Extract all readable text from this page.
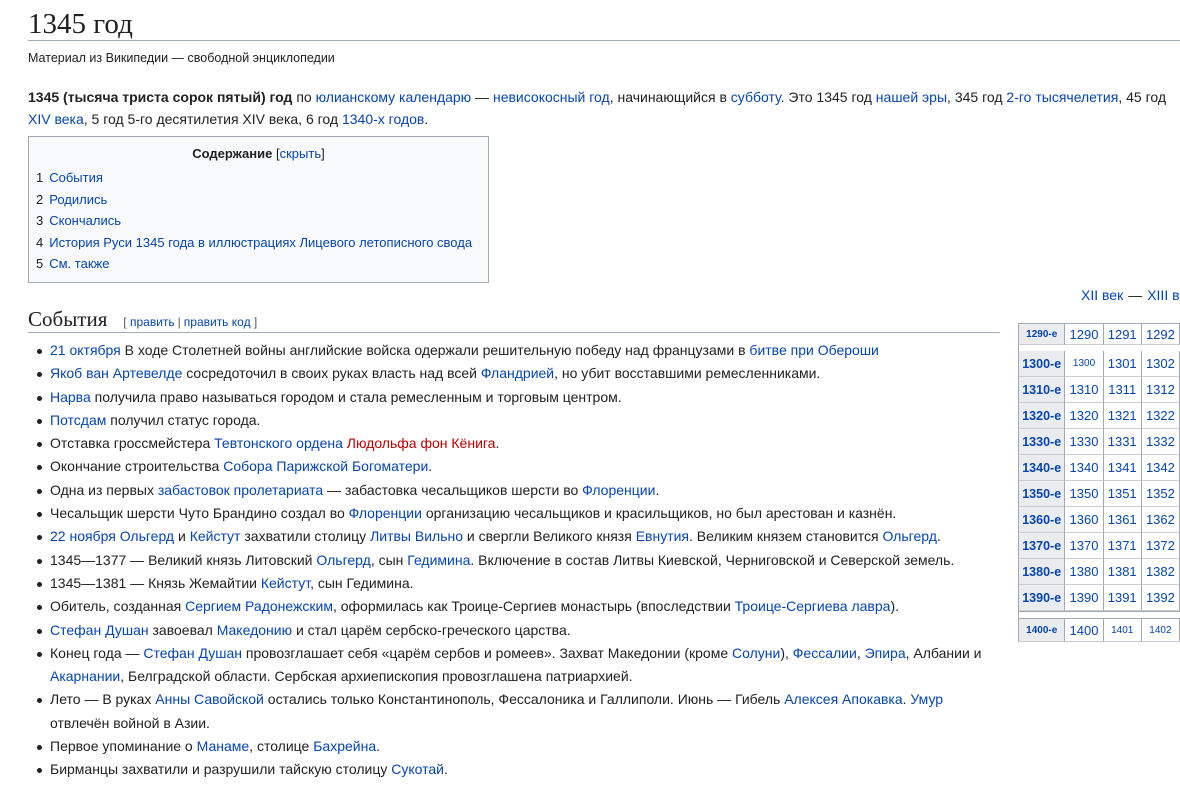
1345 год
Материал из Википедии — свободной энциклопедии

1345 (тысяча триста сорок пятый) год по юлианскому календарю — невисокосный год, начинающийся в субботу. Это 1345 год нашей эры, 345 год 2-го тысячелетия, 45 год XIV века, 5 год 5-го десятилетия XIV века, 6 год 1340-х годов.

Содержание [скрыть]
1 События
2 Родились
3 Скончались
4 История Руси 1345 года в иллюстрациях Лицевого летописного свода
5 См. также
XII век — XIII в
События [ править | править код ]
21 октября В ходе Столетней войны английские войска одержали решительную победу над французами в битве при Обероши
Якоб ван Артевелде сосредоточил в своих руках власть над всей Фландрией, но убит восставшими ремесленниками.
Нарва получила право называться городом и стала ремесленным и торговым центром.
Потсдам получил статус города.
Отставка гроссмейстера Тевтонского ордена Людольфа фон Кёнига.
Окончание строительства Собора Парижской Богоматери.
Одна из первых забастовок пролетариата — забастовка чесальщиков шерсти во Флоренции.
Чесальщик шерсти Чуто Брандино создал во Флоренции организацию чесальщиков и красильщиков, но был арестован и казнён.
22 ноября Ольгерд и Кейстут захватили столицу Литвы Вильно и свергли Великого князя Евнутия. Великим князем становится Ольгерд.
1345—1377 — Великий князь Литовский Ольгерд, сын Гедимина. Включение в состав Литвы Киевской, Черниговской и Северской земель.
1345—1381 — Князь Жемайтии Кейстут, сын Гедимина.
Обитель, созданная Сергием Радонежским, оформилась как Троице-Сергиев монастырь (впоследствии Троице-Сергиева лавра).
Стефан Душан завоевал Македонию и стал царём сербско-греческого царства.
Конец года — Стефан Душан провозглашает себя «царём сербов и ромеев». Захват Македонии (кроме Солуни), Фессалии, Эпира, Албании и Акарнании, Белградской области. Сербская архиепископия провозглашена патриархией.
Лето — В руках Анны Савойской остались только Константинополь, Фессалоника и Галлиполи. Июнь — Гибель Алексея Апокавка. Умур отвлечён войной в Азии.
Первое упоминание о Манаме, столице Бахрейна.
Бирманцы захватили и разрушили тайскую столицу Сукотай.
1290-е	1290	1291	1292

1300-е	1300	1301	1302
1310-е	1310	1311	1312
1320-е	1320	1321	1322
1330-е	1330	1331	1332
1340-е	1340	1341	1342
1350-е	1350	1351	1352
1360-е	1360	1361	1362
1370-е	1370	1371	1372
1380-е	1380	1381	1382
1390-е	1390	1391	1392

1400-е	1400	1401	1402
